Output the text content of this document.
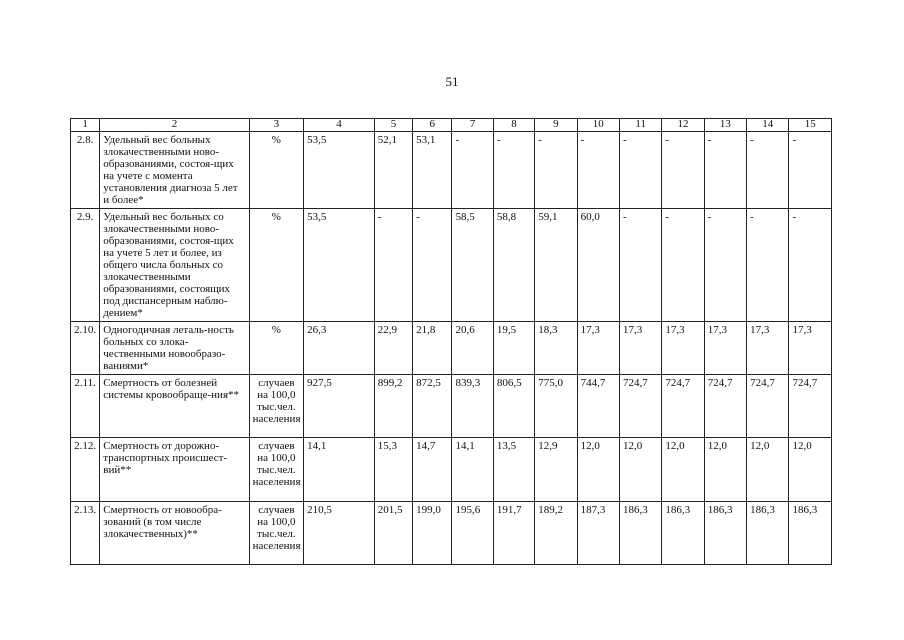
51
1	2	3	4	5	6	7	8	9	10	11	12	13	14	15
2.8.	Удельный вес больных злокачественными ново-образованиями, состоя-щих на учете с момента установления диагноза 5 лет и более*	%	53,5	52,1	53,1	-	-	-	-	-	-	-	-	-
2.9.	Удельный вес больных со злокачественными ново-образованиями, состоя-щих на учете 5 лет и более, из общего числа больных со злокачественными образованиями, состоящих под диспансерным наблю-дением*	%	53,5	-	-	58,5	58,8	59,1	60,0	-	-	-	-	-
2.10.	Одногодичная леталь-ность больных со злока-чественными новообразо-ваниями*	%	26,3	22,9	21,8	20,6	19,5	18,3	17,3	17,3	17,3	17,3	17,3	17,3
2.11.	Смертность от болезней системы кровообраще-ния**	случаев на 100,0 тыс.чел. населения	927,5	899,2	872,5	839,3	806,5	775,0	744,7	724,7	724,7	724,7	724,7	724,7
2.12.	Смертность от дорожно-транспортных происшест-вий**	случаев на 100,0 тыс.чел. населения	14,1	15,3	14,7	14,1	13,5	12,9	12,0	12,0	12,0	12,0	12,0	12,0
2.13.	Смертность от новообра-зований (в том числе злокачественных)**	случаев на 100,0 тыс.чел. населения	210,5	201,5	199,0	195,6	191,7	189,2	187,3	186,3	186,3	186,3	186,3	186,3
